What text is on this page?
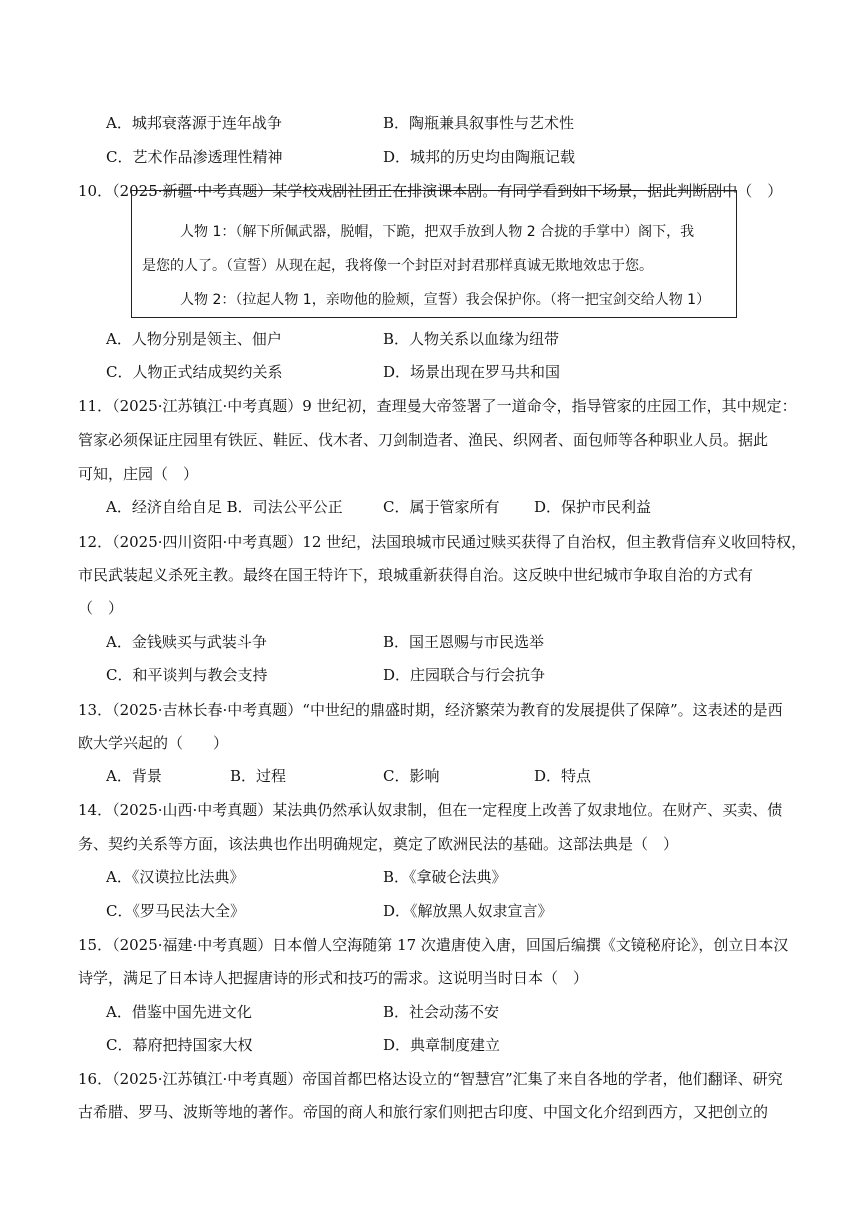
A．城邦衰落源于连年战争	B．陶瓶兼具叙事性与艺术性
C．艺术作品渗透理性精神	D．城邦的历史均由陶瓶记载
10．（2025·新疆·中考真题）某学校戏剧社团正在排演课本剧。有同学看到如下场景，据此判断剧中（　）
人物 1：（解下所佩武器，脱帽，下跪，把双手放到人物 2 合拢的手掌中）阁下，我
是您的人了。（宣誓）从现在起，我将像一个封臣对封君那样真诚无欺地效忠于您。
人物 2：（拉起人物 1，亲吻他的脸颊，宣誓）我会保护你。（将一把宝剑交给人物 1）
A．人物分别是领主、佃户	B．人物关系以血缘为纽带
C．人物正式结成契约关系	D．场景出现在罗马共和国
11．（2025·江苏镇江·中考真题）9 世纪初，查理曼大帝签署了一道命令，指导管家的庄园工作，其中规定：
管家必须保证庄园里有铁匠、鞋匠、伐木者、刀剑制造者、渔民、织网者、面包师等各种职业人员。据此
可知，庄园（　）
A．经济自给自足 B．司法公平公正	C．属于管家所有 D．保护市民利益
12．（2025·四川资阳·中考真题）12 世纪，法国琅城市民通过赎买获得了自治权，但主教背信弃义收回特权，
市民武装起义杀死主教。最终在国王特许下，琅城重新获得自治。这反映中世纪城市争取自治的方式有
（　）
A．金钱赎买与武装斗争	B．国王恩赐与市民选举
C．和平谈判与教会支持	D．庄园联合与行会抗争
13．（2025·吉林长春·中考真题）“中世纪的鼎盛时期，经济繁荣为教育的发展提供了保障”。这表述的是西
欧大学兴起的（　　）
A．背景	B．过程	C．影响	D．特点
14．（2025·山西·中考真题）某法典仍然承认奴隶制，但在一定程度上改善了奴隶地位。在财产、买卖、债
务、契约关系等方面，该法典也作出明确规定，奠定了欧洲民法的基础。这部法典是（　）
A．《汉谟拉比法典》	B．《拿破仑法典》
C．《罗马民法大全》	D．《解放黑人奴隶宣言》
15．（2025·福建·中考真题）日本僧人空海随第 17 次遣唐使入唐，回国后编撰《文镜秘府论》，创立日本汉
诗学，满足了日本诗人把握唐诗的形式和技巧的需求。这说明当时日本（　）
A．借鉴中国先进文化	B．社会动荡不安
C．幕府把持国家大权	D．典章制度建立
16．（2025·江苏镇江·中考真题）帝国首都巴格达设立的“智慧宫”汇集了来自各地的学者，他们翻译、研究
古希腊、罗马、波斯等地的著作。帝国的商人和旅行家们则把古印度、中国文化介绍到西方，又把创立的
